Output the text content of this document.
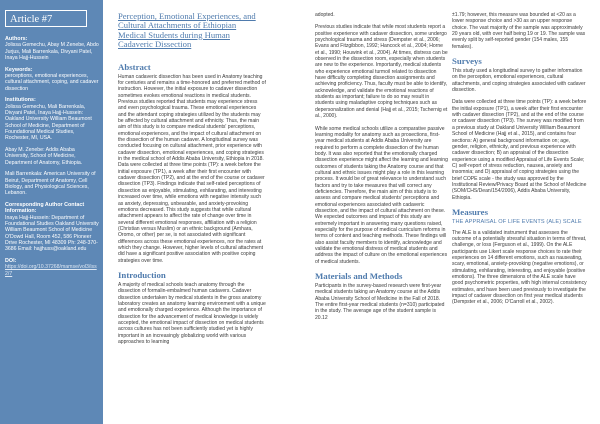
Article #7

Authors:

Jolissa Gemechu, Abay M Zenebe, Abdo Jurjus, Mali Barrenkala, Divyani Patel, Inaya Hajj-Hussein

Keywords:

perceptions, emotional experiences, cultural attachment, coping, and cadaver dissection

Institutions:

Jolissa Gemechu, Mali Barrenkala, Divyani Patel, Inaya Hajj-Hussein: Oakland University William Beaumont School of Medicine, Department of Foundational Medical Studies, Rochester, MI, USA.

Abay M. Zenebe: Addis Ababa University, School of Medicine, Department of Anatomy, Ethiopia.

Mali Barrenkala: American University of Beirut, Department of Anatomy, Cell Biology, and Physiological Sciences, Lebanon.

Corresponding Author Contact Information:

Inaya Hajj-Hussein: Department of Foundational Studies Oakland University William Beaumont School of Medicine O'Dowd Hall, Room 452, 586 Pioneer Drive Rochester, MI 48309 Ph: 248-370-3686 Email: hajjhuss@oakland.edu

DOI:

https://doi.org/10.37268/mamse/vol3/iss2/7

Perception, Emotional Experiences, and Cultural Attachments of Ethiopian Medical Students during Human Cadaveric Dissection

Abstract

Human cadaveric dissection has been used in Anatomy teaching for centuries and remains a time-honored and preferred method of instruction. However, the initial exposure to cadaver dissection sometimes evokes emotional reactions in medical students. Previous studies reported that students may experience stress and even psychological trauma. These emotional experiences and the attendant coping strategies utilized by the students may be affected by cultural attachment and ethnicity. Thus, the main aim of this study is to compare medical students' perceptions, emotional experiences, and the impact of cultural attachment on the dissection of the human cadaver. A longitudinal survey was conducted focusing on cultural attachment, prior experience with cadaver dissection, emotional experiences, and coping strategies in the medical school of Addis Ababa University, Ethiopia in 2018. Data were collected at three time points (TP): a week before the initial exposure (TP1), a week after their first encounter with cadaver dissection (TP2), and at the end of the course or cadaver dissection (TP3). Findings indicate that self-rated perceptions of dissection as enjoyable, stimulating, exhilarating, and interesting increased over time, while emotions with negative intensity such as anxiety, depressing, unbearable, and anxiety-provoking emotions decreased. This study suggests that while cultural attachment appears to affect the rate of change over time in several different emotional responses, affiliation with a religion (Christian versus Muslim) or an ethnic background (Amhara, Oromo, or other) per se, is not associated with significant differences across these emotional experiences, nor the rates at which they change. However, higher levels of cultural attachment did have a significant positive association with positive coping strategies over time.

Introduction

A majority of medical schools teach anatomy through the dissection of formalin-embalmed human cadavers. Cadaver dissection undertaken by medical students in the gross anatomy laboratory creates an anatomy learning environment with a unique and emotionally charged experience. Although the importance of dissection for the advancement of medical knowledge is widely accepted, the emotional impact of dissection on medical students across cultures has not been sufficiently studied yet is highly important in an increasingly globalizing world with various approaches to learning

adopted.

Previous studies indicate that while most students report a positive experience with cadaver dissection, some undergo psychological trauma and stress (Dempster et al., 2006; Evans and Fitzgibbon, 1992; Hancock et al., 2004; Horne et al., 1990; Houwink et al., 2004). At times, distress can be observed in the dissection room, especially when students are new to the experience. Importantly, medical students who experience emotional turmoil related to dissection have difficulty completing dissection assignments and achieving proficiency. Thus, faculty must be able to identify, acknowledge, and validate the emotional reactions of students as important; failure to do so may result in students using maladaptive coping techniques such as depersonalization and denial (Hajj et al., 2015; Tschernig et al., 2000).

While some medical schools utilize a comparative passive learning modality for anatomy such as prosections, first-year medical students at Addis Ababa University are required to perform a complete dissection of the human body. It was also reported that the emotionally charged dissection experience might affect the learning and learning outcomes of students taking the Anatomy course and that cultural and ethnic issues might play a role in this learning process. It would be of great relevance to understand such factors and try to take measures that will correct any deficiencies. Therefore, the main aim of this study is to assess and compare medical students' perceptions and emotional experiences associated with cadaveric dissection, and the impact of cultural attachment on these. We expected outcomes and impact of this study are extremely important in answering many questions raised, especially for the purpose of medical curriculum reforms in terms of content and teaching methods. These findings will also assist faculty members to identify, acknowledge and validate the emotional distress of medical students and address the impact of culture on the emotional experiences of medical students.

Materials and Methods

Participants in the survey-based research were first-year medical students taking an Anatomy course at the Addis Ababa University School of Medicine in the Fall of 2018. The entire first-year medical students (n=310) participated in the study. The average age of the student sample is 20.12

±1.79; however, this measure was bounded at <20 as a lower response choice and >30 as an upper response choice. The vast majority of the sample was approximately 20 years old, with over half being 19 or 19. The sample was evenly split by self-reported gender (154 males, 155 females).

Surveys

This study used a longitudinal survey to gather information on the perception, emotional experiences, cultural attachments, and coping strategies associated with cadaver dissection.

Data were collected at three time points (TP): a week before the initial exposure (TP1), a week after their first encounter with cadaver dissection (TP2), and at the end of the course or cadaver dissection (TP3). The survey was modified from a previous study at Oakland University William Beaumont School of Medicine (Hajj et al., 2015), and contains four sections: A) general background information on; age, gender, religion, ethnicity, and previous experience with cadaver dissection; B) an appraisal of the dissection experience using a modified Appraisal of Life Events Scale; C) self-report of stress reduction, nausea, anxiety and insomnia; and D) appraisal of coping strategies using the brief COPE scale - the study was approved by the Institutional Review/Privacy Board at the School of Medicine (SOM/CHS/Dean/154/2006), Addis Ababa University, Ethiopia.

Measures

THE APPRAISAL OF LIFE EVENTS (ALE) SCALE

The ALE is a validated instrument that assesses the outcome of a potentially stressful situation in terms of threat, challenge, or loss (Ferguson et al., 1999). On the ALE participants use Likert scale response choices to rate their experiences on 14 different emotions, such as nauseating, scary, emotional, anxiety-provoking (negative emotions), or stimulating, exhilarating, interesting, and enjoyable (positive emotions). The three dimensions of the ALE scale have good psychometric properties, with high internal consistency estimates, and have been used previously to investigate the impact of cadaver dissection on first year medical students (Dempster et al., 2006; O'Carroll et al., 2002).
